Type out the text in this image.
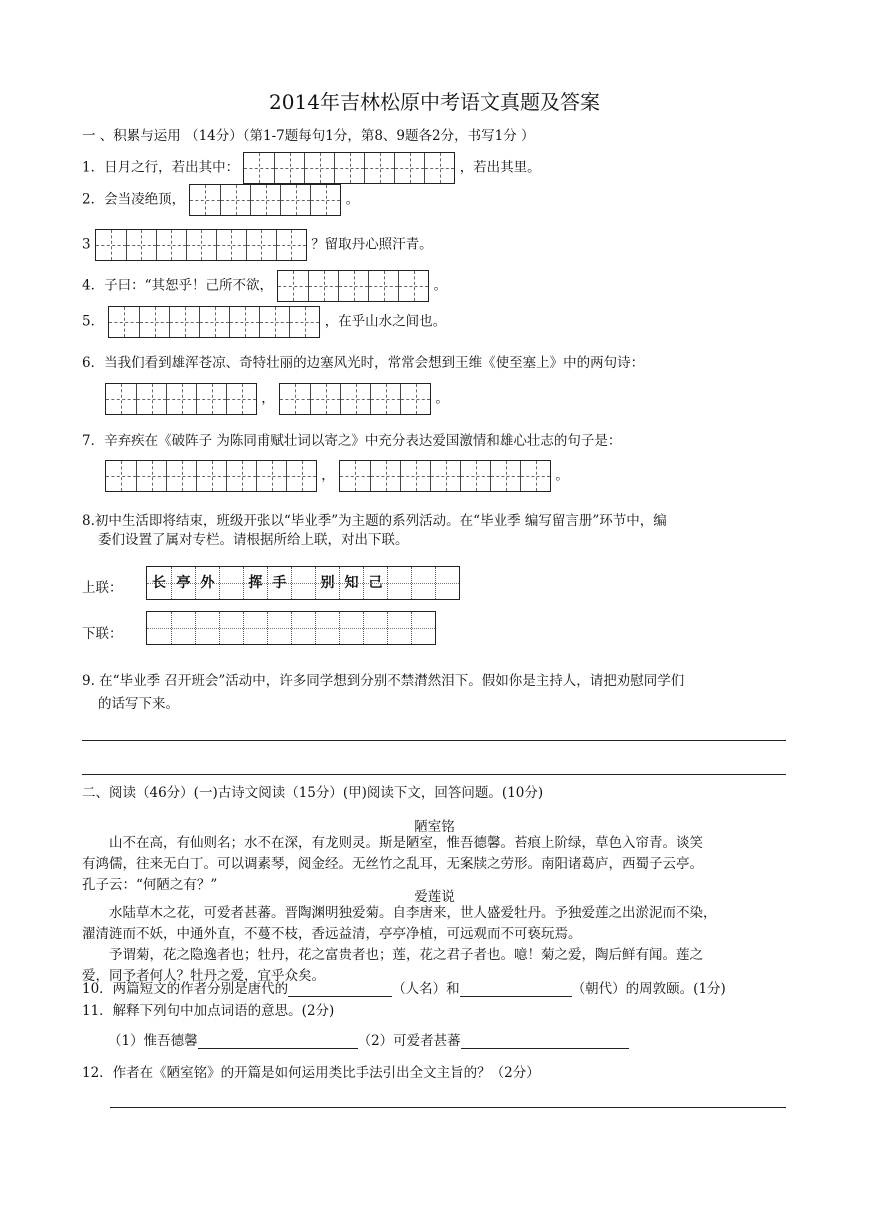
2014年吉林松原中考语文真题及答案
一 、积累与运用 （14分）（第1-7题每句1分，第8、9题各2分，书写1分 ）
1．日月之行，若出其中：	，若出其里。
2．会当凌绝顶，	。
3	？留取丹心照汗青。
4．子曰：“其恕乎！己所不欲，	。
5．	，在乎山水之间也。
6．当我们看到雄浑苍凉、奇特壮丽的边塞风光时，常常会想到王维《使至塞上》中的两句诗：
，	。
7．辛弃疾在《破阵子 为陈同甫赋壮词以寄之》中充分表达爱国激情和雄心壮志的句子是：
，	。
8.初中生活即将结束，班级开张以“毕业季”为主题的系列活动。在“毕业季 编写留言册”环节中，编
委们设置了属对专栏。请根据所给上联，对出下联。
上联：	长 亭 外	挥 手	别 知 己
下联：
9. 在“毕业季 召开班会”活动中，许多同学想到分别不禁潸然泪下。假如你是主持人，请把劝慰同学们
的话写下来。
二、阅读（46分）(一)古诗文阅读（15分）(甲)阅读下文，回答问题。(10分)
陋室铭
山不在高，有仙则名；水不在深，有龙则灵。斯是陋室，惟吾德馨。苔痕上阶绿，草色入帘青。谈笑
有鸿儒，往来无白丁。可以调素琴，阅金经。无丝竹之乱耳，无案牍之劳形。南阳诸葛庐，西蜀子云亭。
孔子云：“何陋之有？”
爱莲说
水陆草木之花，可爱者甚蕃。晋陶渊明独爱菊。自李唐来，世人盛爱牡丹。予独爱莲之出淤泥而不染，
濯清涟而不妖，中通外直，不蔓不枝，香远益清，亭亭净植，可远观而不可亵玩焉。
予谓菊，花之隐逸者也；牡丹，花之富贵者也；莲，花之君子者也。噫！菊之爱，陶后鲜有闻。莲之
爱，同予者何人？牡丹之爱，宜乎众矣。
10．两篇短文的作者分别是唐代的	（人名）和	（朝代）的周敦颐。(1分)
11．解释下列句中加点词语的意思。(2分)
（1）惟吾德馨	（2）可爱者甚蕃
12．作者在《陋室铭》的开篇是如何运用类比手法引出全文主旨的？（2分）
